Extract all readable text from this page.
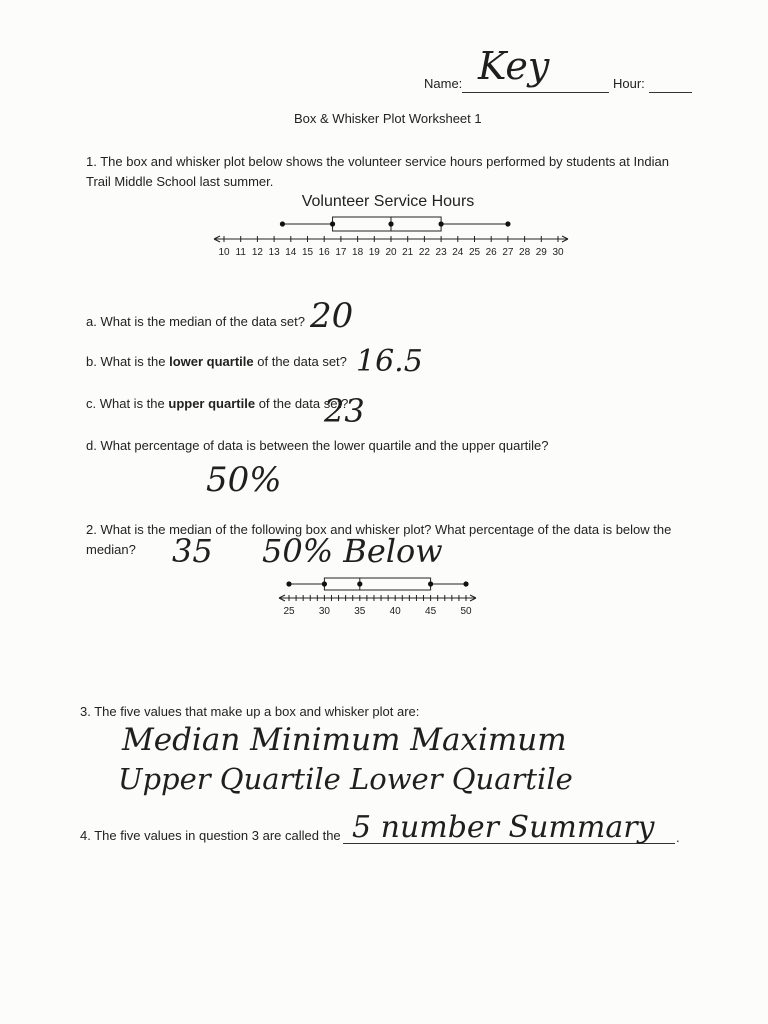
Name: Key	Hour:
Box & Whisker Plot Worksheet 1
1. The box and whisker plot below shows the volunteer service hours performed by students at Indian
Trail Middle School last summer.
Volunteer Service Hours
10 11 12 13 14 15 16 17 18 19 20 21 22 23 24 25 26 27 28 29 30
a. What is the median of the data set? 20
b. What is the lower quartile of the data set? 16.5
c. What is the upper quartile of the data set?
23
d. What percentage of data is between the lower quartile and the upper quartile?
50%
2. What is the median of the following box and whisker plot? What percentage of the data is below the
median? 35 50% Below
25 30 35 40 45 50
3. The five values that make up a box and whisker plot are:
Median Minimum Maximum
Upper Quartile Lower Quartile
4. The five values in question 3 are called the	.
5 number Summary
